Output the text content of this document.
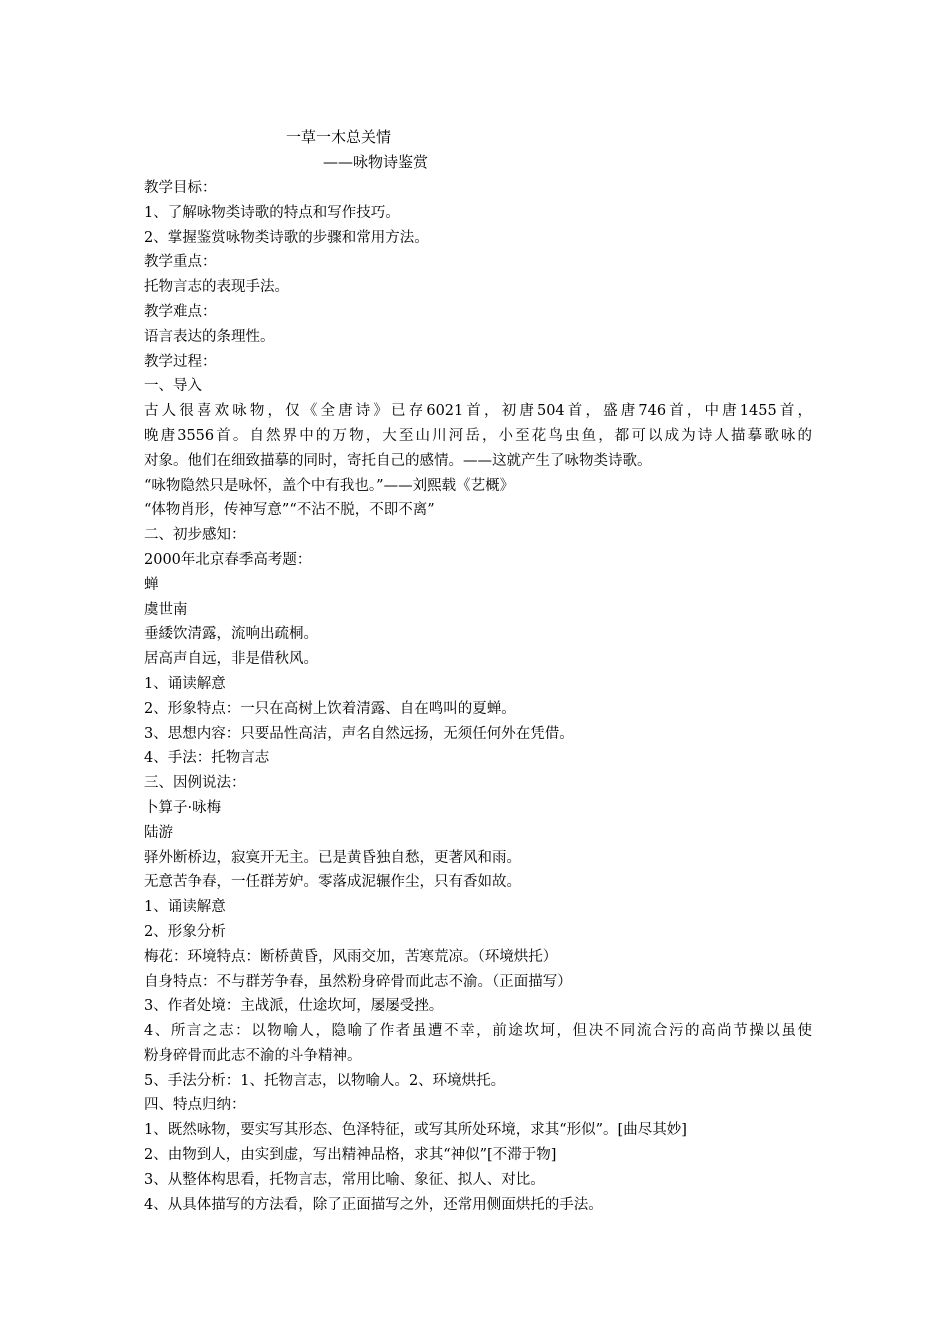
一草一木总关情
——咏物诗鉴赏
教学目标：
1、了解咏物类诗歌的特点和写作技巧。
2、掌握鉴赏咏物类诗歌的步骤和常用方法。
教学重点：
托物言志的表现手法。
教学难点：
语言表达的条理性。
教学过程：
一、导入
古人很喜欢咏物，仅《全唐诗》已存6021首，初唐504首，盛唐746首，中唐1455首，
晚唐3556首。自然界中的万物，大至山川河岳，小至花鸟虫鱼，都可以成为诗人描摹歌咏的
对象。他们在细致描摹的同时，寄托自己的感情。——这就产生了咏物类诗歌。
“咏物隐然只是咏怀，盖个中有我也。”——刘熙载《艺概》
“体物肖形，传神写意”“不沾不脱，不即不离”
二、初步感知：
2000年北京春季高考题：
蝉
虞世南
垂緌饮清露，流响出疏桐。
居高声自远，非是借秋风。
1、诵读解意
2、形象特点：一只在高树上饮着清露、自在鸣叫的夏蝉。
3、思想内容：只要品性高洁，声名自然远扬，无须任何外在凭借。
4、手法：托物言志
三、因例说法：
卜算子·咏梅
陆游
驿外断桥边，寂寞开无主。已是黄昏独自愁，更著风和雨。
无意苦争春，一任群芳妒。零落成泥辗作尘，只有香如故。
1、诵读解意
2、形象分析
梅花：环境特点：断桥黄昏，风雨交加，苦寒荒凉。（环境烘托）
自身特点：不与群芳争春，虽然粉身碎骨而此志不渝。（正面描写）
3、作者处境：主战派，仕途坎坷，屡屡受挫。
4、所言之志：以物喻人，隐喻了作者虽遭不幸，前途坎坷，但决不同流合污的高尚节操以虽使
粉身碎骨而此志不渝的斗争精神。
5、手法分析：1、托物言志，以物喻人。2、环境烘托。
四、特点归纳：
1、既然咏物，要实写其形态、色泽特征，或写其所处环境，求其“形似”。[曲尽其妙]
2、由物到人，由实到虚，写出精神品格，求其“神似”[不滞于物]
3、从整体构思看，托物言志，常用比喻、象征、拟人、对比。
4、从具体描写的方法看，除了正面描写之外，还常用侧面烘托的手法。
